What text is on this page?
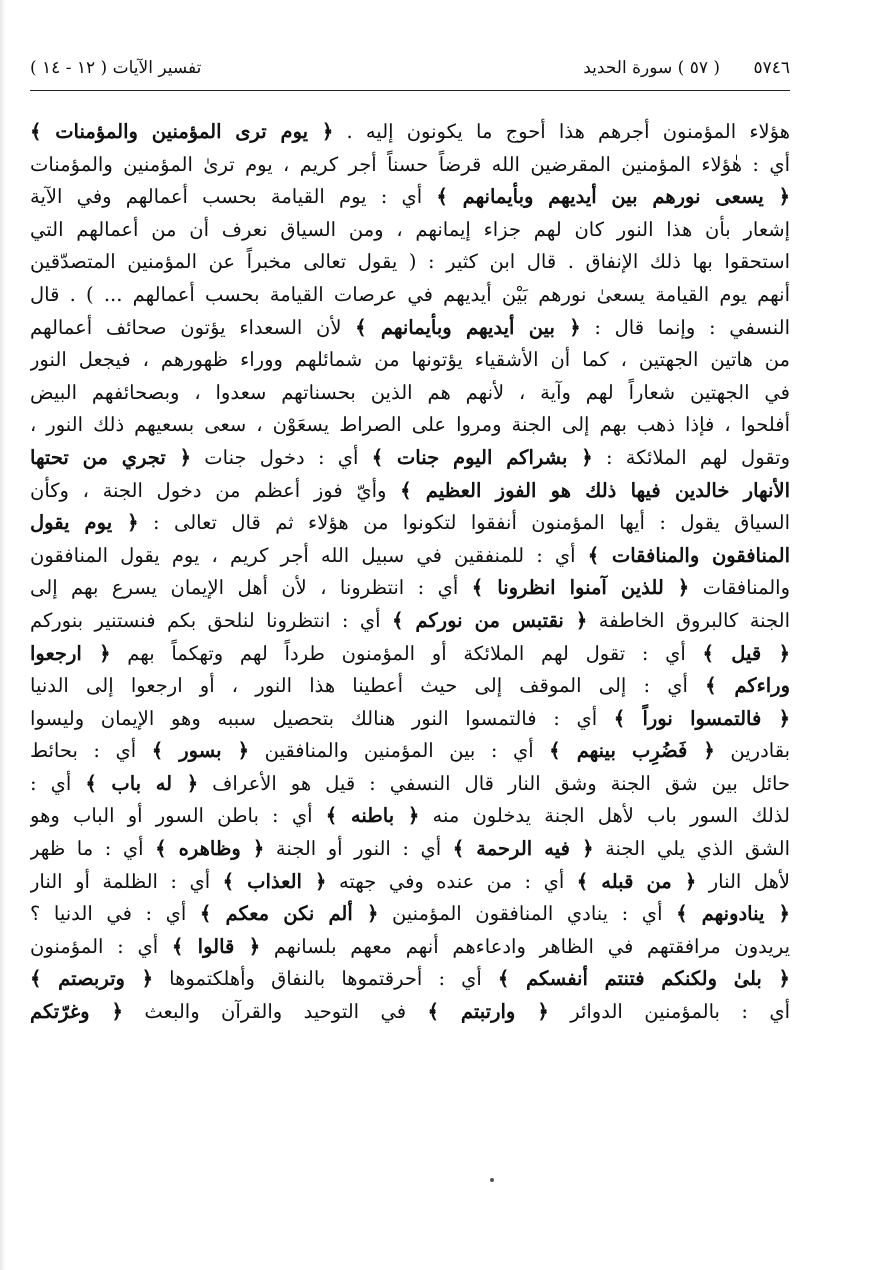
٥٧٤٦
( ٥٧ ) سورة الحديد
تفسير الآيات ( ١٢ - ١٤ )
هؤلاء المؤمنون أجرهم هذا أحوج ما يكونون إليه . ﴿ يوم ترى المؤمنين والمؤمنات ﴾
أي : هٰؤلاء المؤمنين المقرضين الله قرضاً حسناً أجر كريم ، يوم ترىٰ المؤمنين والمؤمنات
﴿ يسعى نورهم بين أيديهم وبأيمانهم ﴾ أي : يوم القيامة بحسب أعمالهم وفي الآية
إشعار بأن هذا النور كان لهم جزاء إيمانهم ، ومن السياق نعرف أن من أعمالهم التي
استحقوا بها ذلك الإنفاق . قال ابن كثير : ( يقول تعالى مخبراً عن المؤمنين المتصدّقين
أنهم يوم القيامة يسعىٰ نورهم بَيْن أيديهم في عرصات القيامة بحسب أعمالهم ... ) . قال
النسفي : وإنما قال : ﴿ بين أيديهم وبأيمانهم ﴾ لأن السعداء يؤتون صحائف أعمالهم
من هاتين الجهتين ، كما أن الأشقياء يؤتونها من شمائلهم ووراء ظهورهم ، فيجعل النور
في الجهتين شعاراً لهم وآية ، لأنهم هم الذين بحسناتهم سعدوا ، وبصحائفهم البيض
أفلحوا ، فإذا ذهب بهم إلى الجنة ومروا على الصراط يسعَوْن ، سعى بسعيهم ذلك النور ،
وتقول لهم الملائكة : ﴿ بشراكم اليوم جنات ﴾ أي : دخول جنات ﴿ تجري من تحتها
الأنهار خالدين فيها ذلك هو الفوز العظيم ﴾ وأيّ فوز أعظم من دخول الجنة ، وكأن
السياق يقول : أيها المؤمنون أنفقوا لتكونوا من هؤلاء ثم قال تعالى : ﴿ يوم يقول
المنافقون والمنافقات ﴾ أي : للمنفقين في سبيل الله أجر كريم ، يوم يقول المنافقون
والمنافقات ﴿ للذين آمنوا انظرونا ﴾ أي : انتظرونا ، لأن أهل الإيمان يسرع بهم إلى
الجنة كالبروق الخاطفة ﴿ نقتبس من نوركم ﴾ أي : انتظرونا لنلحق بكم فنستنير بنوركم
﴿ قيل ﴾ أي : تقول لهم الملائكة أو المؤمنون طرداً لهم وتهكماً بهم ﴿ ارجعوا
وراءكم ﴾ أي : إلى الموقف إلى حيث أعطينا هذا النور ، أو ارجعوا إلى الدنيا
﴿ فالتمسوا نوراً ﴾ أي : فالتمسوا النور هنالك بتحصيل سببه وهو الإيمان وليسوا
بقادرين ﴿ فَضُرِب بينهم ﴾ أي : بين المؤمنين والمنافقين ﴿ بسور ﴾ أي : بحائط
حائل بين شق الجنة وشق النار قال النسفي : قيل هو الأعراف ﴿ له باب ﴾ أي :
لذلك السور باب لأهل الجنة يدخلون منه ﴿ باطنه ﴾ أي : باطن السور أو الباب وهو
الشق الذي يلي الجنة ﴿ فيه الرحمة ﴾ أي : النور أو الجنة ﴿ وظاهره ﴾ أي : ما ظهر
لأهل النار ﴿ من قبله ﴾ أي : من عنده وفي جهته ﴿ العذاب ﴾ أي : الظلمة أو النار
﴿ ينادونهم ﴾ أي : ينادي المنافقون المؤمنين ﴿ ألم نكن معكم ﴾ أي : في الدنيا ؟
يريدون مرافقتهم في الظاهر وادعاءهم أنهم معهم بلسانهم ﴿ قالوا ﴾ أي : المؤمنون
﴿ بلىٰ ولكنكم فتنتم أنفسكم ﴾ أي : أحرقتموها بالنفاق وأهلكتموها ﴿ وتربصتم ﴾
أي : بالمؤمنين الدوائر ﴿ وارتبتم ﴾ في التوحيد والقرآن والبعث ﴿ وغرّتكم
